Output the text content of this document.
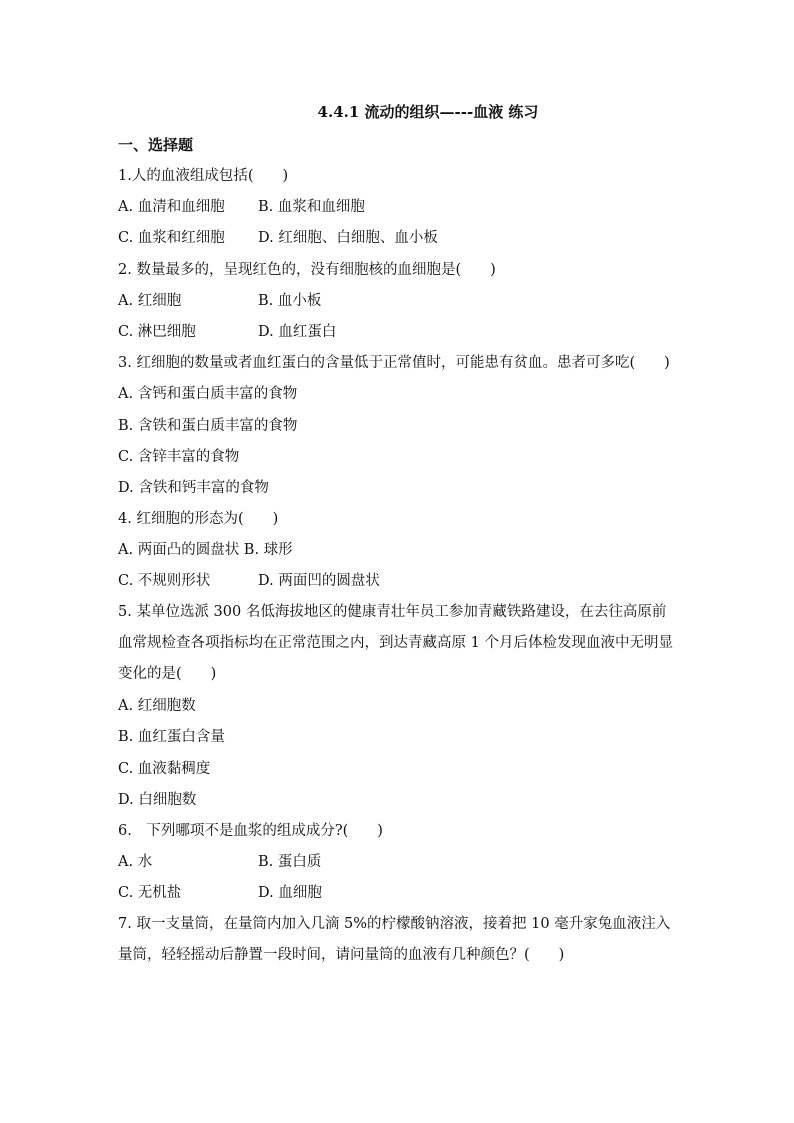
4.4.1 流动的组织—---血液 练习
一、选择题
1.人的血液组成包括(　　)
A. 血清和血细胞	B. 血浆和血细胞
C. 血浆和红细胞	D. 红细胞、白细胞、血小板
2. 数量最多的，呈现红色的，没有细胞核的血细胞是(　　)
A. 红细胞	B. 血小板
C. 淋巴细胞	D. 血红蛋白
3. 红细胞的数量或者血红蛋白的含量低于正常值时，可能患有贫血。患者可多吃(　　)
A. 含钙和蛋白质丰富的食物
B. 含铁和蛋白质丰富的食物
C. 含锌丰富的食物
D. 含铁和钙丰富的食物
4. 红细胞的形态为(　　)
A. 两面凸的圆盘状 B. 球形
C. 不规则形状	D. 两面凹的圆盘状
5. 某单位选派 300 名低海拔地区的健康青壮年员工参加青藏铁路建设，在去往高原前血常规检查各项指标均在正常范围之内，到达青藏高原 1 个月后体检发现血液中无明显变化的是(　　)
A. 红细胞数
B. 血红蛋白含量
C. 血液黏稠度
D. 白细胞数
6.　下列哪项不是血浆的组成成分?(　　)
A. 水	B. 蛋白质
C. 无机盐	D. 血细胞
7. 取一支量筒，在量筒内加入几滴 5%的柠檬酸钠溶液，接着把 10 毫升家兔血液注入量筒，轻轻摇动后静置一段时间，请问量筒的血液有几种颜色？(　　)
